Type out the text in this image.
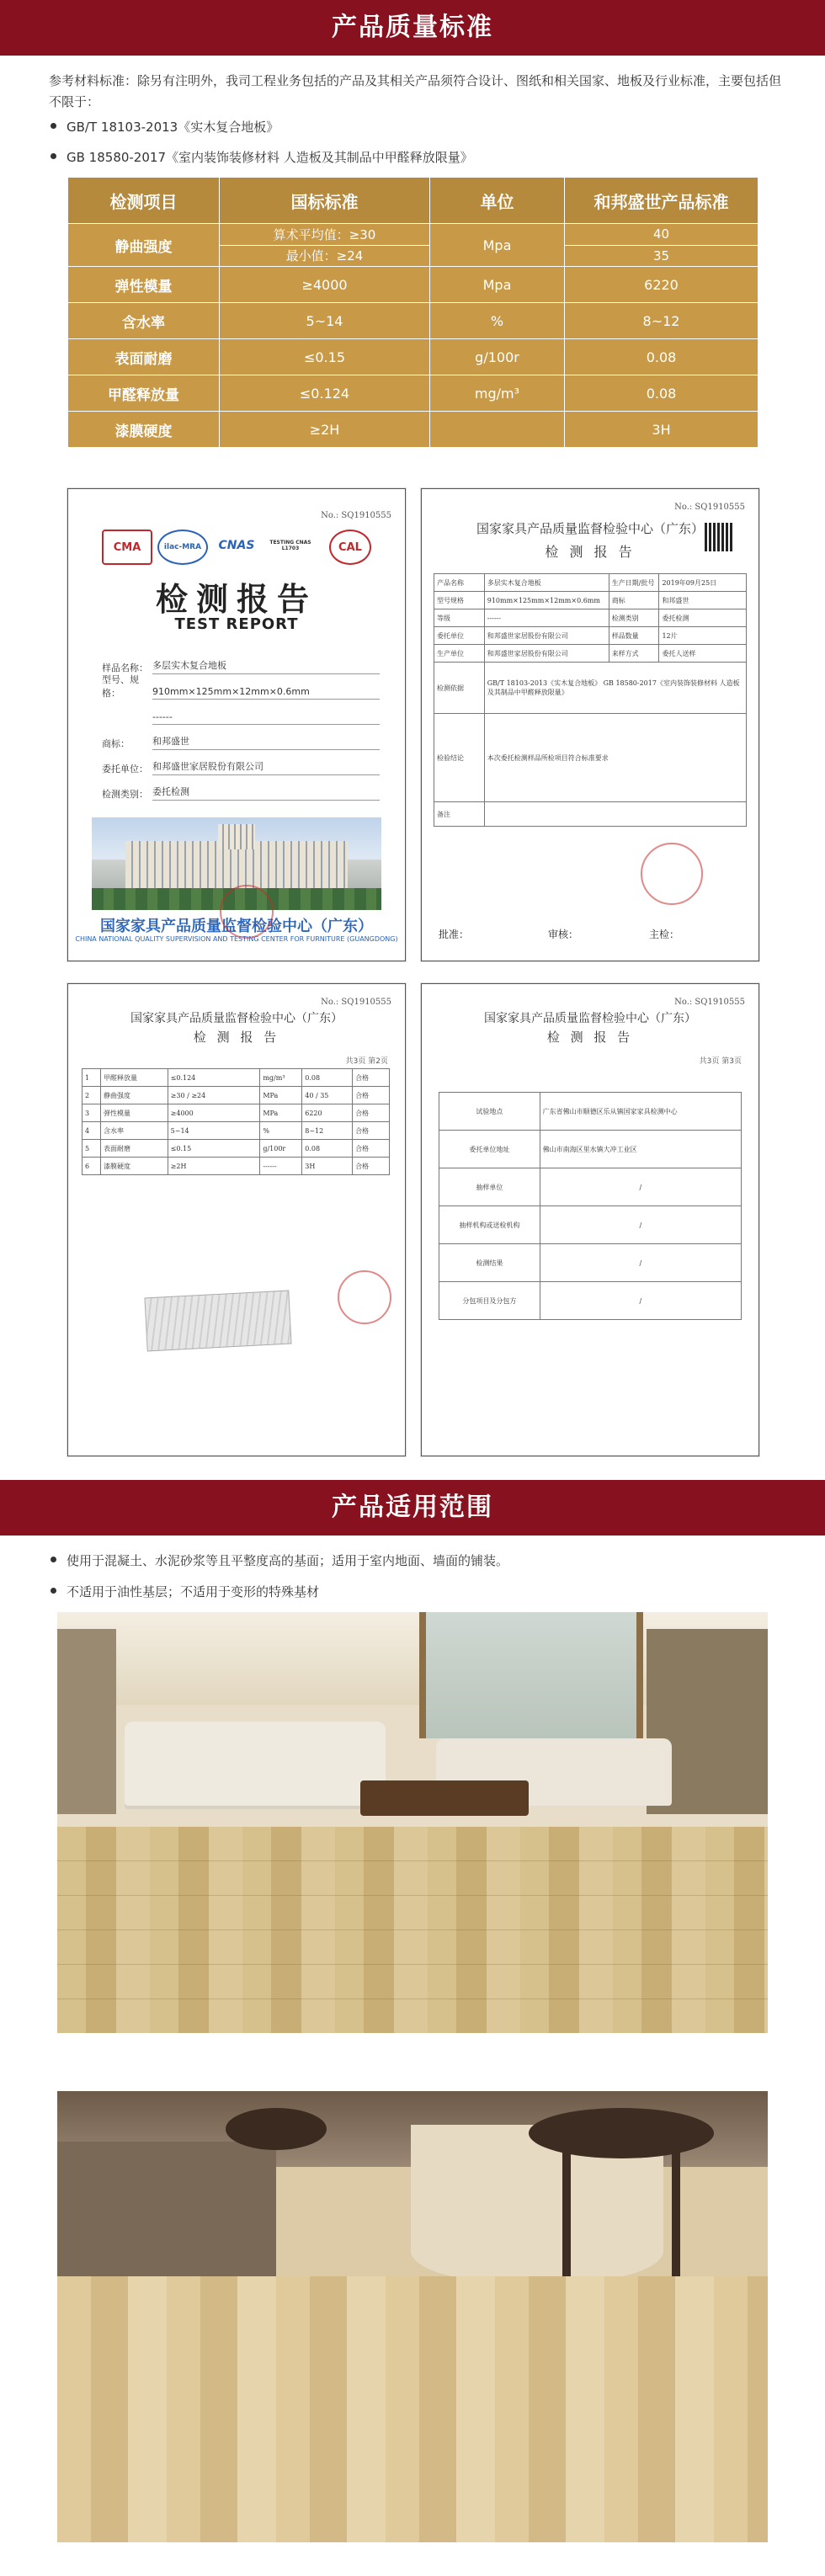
产品质量标准
参考材料标准：除另有注明外，我司工程业务包括的产品及其相关产品须符合设计、图纸和相关国家、地板及行业标准，主要包括但不限于：
GB/T 18103-2013《实木复合地板》
GB 18580-2017《室内装饰装修材料 人造板及其制品中甲醛释放限量》
检测项目	国标标准	单位	和邦盛世产品标准
静曲强度	算术平均值：≥30	Mpa	40
	最小值：≥24		35
弹性模量	≥4000	Mpa	6220
含水率	5~14	%	8~12
表面耐磨	≤0.15	g/100r	0.08
甲醛释放量	≤0.124	mg/m³	0.08
漆膜硬度	≥2H		3H
No.: SQ1910555
CMA	ilac-MRA	CNAS	TESTING CNAS L1703	CAL
检测报告
TEST REPORT
样品名称： 多层实木复合地板
型号、规格：	910mm×125mm×12mm×0.6mm
------
商标：	和邦盛世
委托单位： 和邦盛世家居股份有限公司
检测类别： 委托检测
国家家具产品质量监督检验中心（广东）
CHINA NATIONAL QUALITY SUPERVISION AND TESTING CENTER FOR FURNITURE (GUANGDONG)
No.: SQ1910555
国家家具产品质量监督检验中心（广东）
检 测 报 告
产品名称	多层实木复合地板	生产日期/批号	2019年09月25日
型号规格	910mm×125mm×12mm×0.6mm	商标	和邦盛世
等级	------	检测类别	委托检测
委托单位	和邦盛世家居股份有限公司	样品数量	12片
生产单位	和邦盛世家居股份有限公司	来样方式	委托人送样
检测依据	GB/T 18103-2013《实木复合地板》 GB 18580-2017《室内装饰装修材料 人造板及其制品中甲醛释放限量》		
检验结论	本次委托检测样品所检项目符合标准要求		
备注			
批准：	审核：	主检：
No.: SQ1910555
国家家具产品质量监督检验中心（广东）
检 测 报 告
共3页 第2页
1	甲醛释放量	≤0.124	mg/m³	0.08	合格
2	静曲强度	≥30 / ≥24	MPa	40 / 35	合格
3	弹性模量	≥4000	MPa	6220	合格
4	含水率	5~14	%	8~12	合格
5	表面耐磨	≤0.15	g/100r	0.08	合格
6	漆膜硬度	≥2H	------	3H	合格
No.: SQ1910555
国家家具产品质量监督检验中心（广东）
检 测 报 告
共3页 第3页
试验地点	广东省佛山市顺德区乐从镇国家家具检测中心
委托单位地址	佛山市南海区里水镇大冲工业区
抽样单位	/
抽样机构或送检机构	/
检测结果	/
分包项目及分包方	/
产品适用范围
使用于混凝土、水泥砂浆等且平整度高的基面；适用于室内地面、墙面的铺装。
不适用于油性基层；不适用于变形的特殊基材
